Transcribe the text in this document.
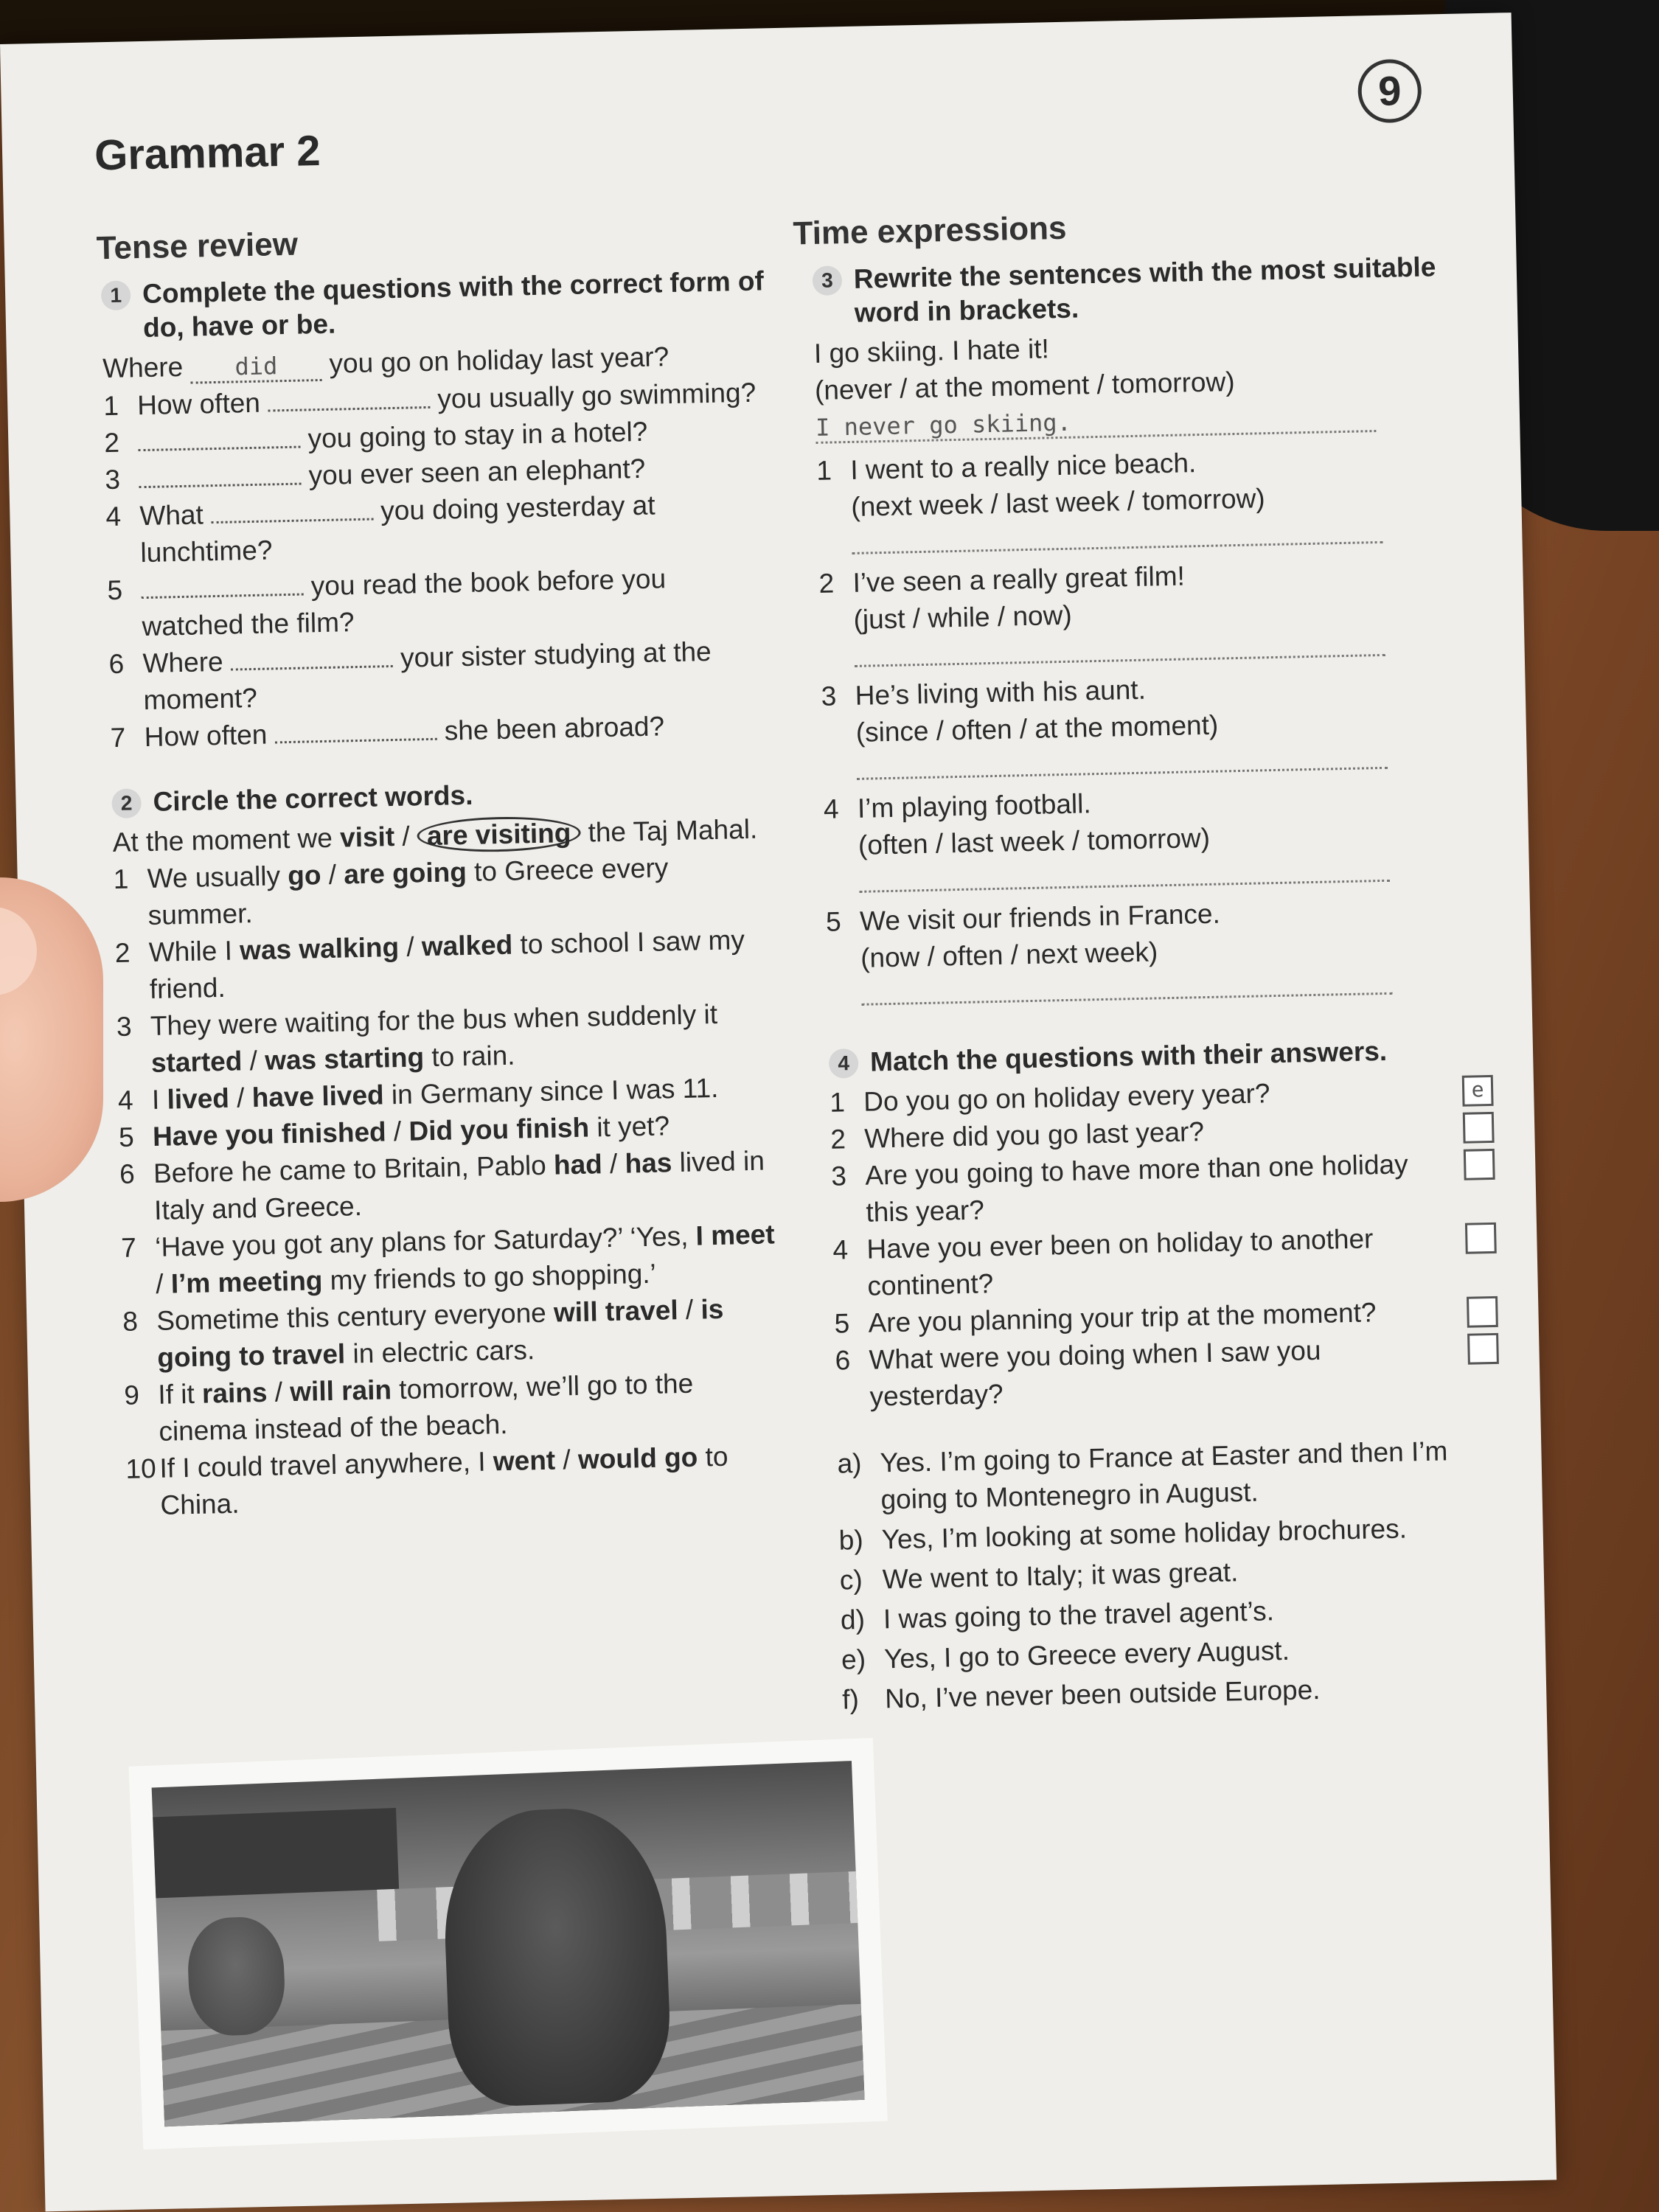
9
Grammar 2
Tense review	Time expressions
1 Complete the questions with the correct form of do, have or be.
Where did you go on holiday last year?
1 How often	you usually go swimming?
2	you going to stay in a hotel?
3	you ever seen an elephant?
4 What	you doing yesterday at lunchtime?
5	you read the book before you watched the film?
6 Where	your sister studying at the moment?
7 How often	she been abroad?
2 Circle the correct words.
At the moment we visit / are visiting the Taj Mahal.
1 We usually go / are going to Greece every summer.
2 While I was walking / walked to school I saw my friend.
3 They were waiting for the bus when suddenly it started / was starting to rain.
4 I lived / have lived in Germany since I was 11.
5 Have you finished / Did you finish it yet?
6 Before he came to Britain, Pablo had / has lived in Italy and Greece.
7 ‘Have you got any plans for Saturday?’ ‘Yes, I meet / I’m meeting my friends to go shopping.’
8 Sometime this century everyone will travel / is going to travel in electric cars.
9 If it rains / will rain tomorrow, we’ll go to the cinema instead of the beach.
10 If I could travel anywhere, I went / would go to China.
3 Rewrite the sentences with the most suitable word in brackets.
I go skiing. I hate it!
(never / at the moment / tomorrow)
I never go skiing.
1 I went to a really nice beach.
(next week / last week / tomorrow)
2 I’ve seen a really great film!
(just / while / now)
3 He’s living with his aunt.
(since / often / at the moment)
4 I’m playing football.
(often / last week / tomorrow)
5 We visit our friends in France.
(now / often / next week)
4 Match the questions with their answers.
1 Do you go on holiday every year?	e
2 Where did you go last year?
3 Are you going to have more than one holiday this year?
4 Have you ever been on holiday to another continent?
5 Are you planning your trip at the moment?
6 What were you doing when I saw you yesterday?
a) Yes. I’m going to France at Easter and then I’m going to Montenegro in August.
b) Yes, I’m looking at some holiday brochures.
c) We went to Italy; it was great.
d) I was going to the travel agent’s.
e) Yes, I go to Greece every August.
f) No, I’ve never been outside Europe.
